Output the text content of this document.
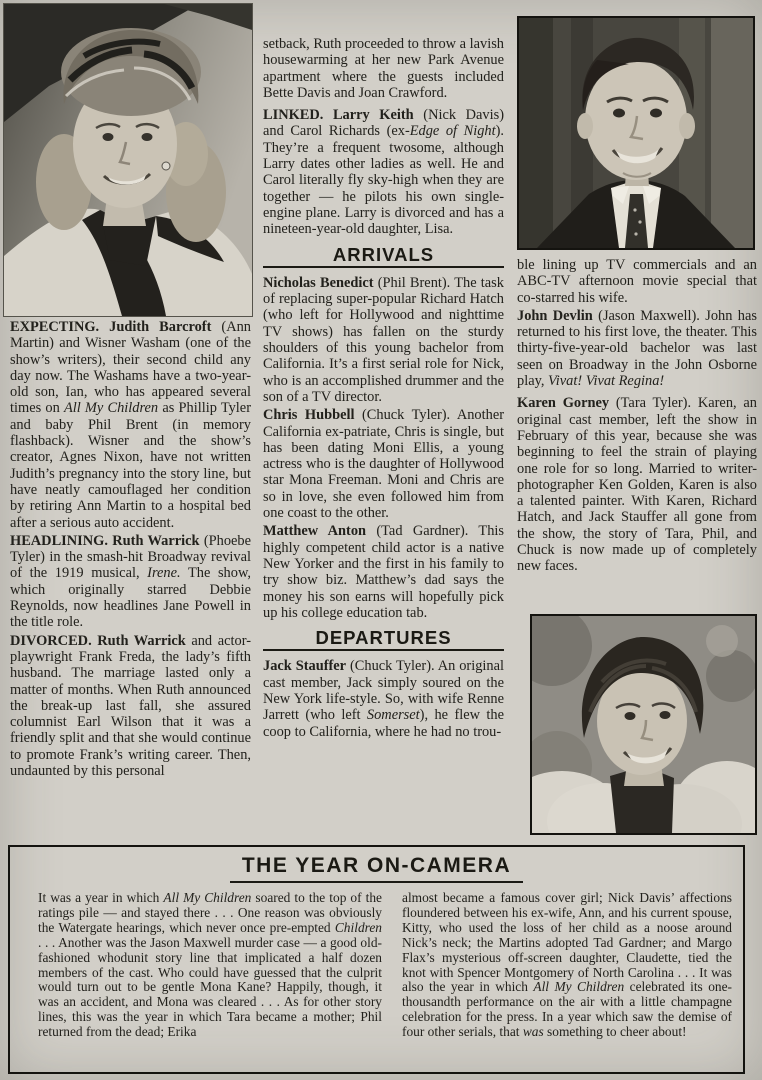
EXPECTING. Judith Barcroft (Ann Martin) and Wisner Washam (one of the show’s writers), their second child any day now. The Washams have a two-year-old son, Ian, who has appeared several times on All My Children as Phillip Tyler and baby Phil Brent (in memory flashback). Wisner and the show’s creator, Agnes Nixon, have not written Judith’s pregnancy into the story line, but have neatly camouflaged her condition by retiring Ann Martin to a hospital bed after a serious auto accident.

HEADLINING. Ruth Warrick (Phoebe Tyler) in the smash-hit Broadway revival of the 1919 musical, Irene. The show, which originally starred Debbie Reynolds, now headlines Jane Powell in the title role.

DIVORCED. Ruth Warrick and actor-playwright Frank Freda, the lady’s fifth husband. The marriage lasted only a matter of months. When Ruth announced the break-up last fall, she assured columnist Earl Wilson that it was a friendly split and that she would continue to promote Frank’s writing career. Then, undaunted by this personal

setback, Ruth proceeded to throw a lavish housewarming at her new Park Avenue apartment where the guests included Bette Davis and Joan Crawford.

LINKED. Larry Keith (Nick Davis) and Carol Richards (ex-Edge of Night). They’re a frequent twosome, although Larry dates other ladies as well. He and Carol literally fly sky-high when they are together — he pilots his own single-engine plane. Larry is divorced and has a nineteen-year-old daughter, Lisa.

ARRIVALS

Nicholas Benedict (Phil Brent). The task of replacing super-popular Richard Hatch (who left for Hollywood and nighttime TV shows) has fallen on the sturdy shoulders of this young bachelor from California. It’s a first serial role for Nick, who is an accomplished drummer and the son of a TV director.

Chris Hubbell (Chuck Tyler). Another California ex-patriate, Chris is single, but has been dating Moni Ellis, a young actress who is the daughter of Hollywood star Mona Freeman. Moni and Chris are so in love, she even followed him from one coast to the other.

Matthew Anton (Tad Gardner). This highly competent child actor is a native New Yorker and the first in his family to try show biz. Matthew’s dad says the money his son earns will hopefully pick up his college education tab.

DEPARTURES

Jack Stauffer (Chuck Tyler). An original cast member, Jack simply soured on the New York life-style. So, with wife Renne Jarrett (who left Somerset), he flew the coop to California, where he had no trou-

ble lining up TV commercials and an ABC-TV afternoon movie special that co-starred his wife.

John Devlin (Jason Maxwell). John has returned to his first love, the theater. This thirty-five-year-old bachelor was last seen on Broadway in the John Osborne play, Vivat! Vivat Regina!

Karen Gorney (Tara Tyler). Karen, an original cast member, left the show in February of this year, because she was beginning to feel the strain of playing one role for so long. Married to writer-photographer Ken Golden, Karen is also a talented painter. With Karen, Richard Hatch, and Jack Stauffer all gone from the show, the story of Tara, Phil, and Chuck is now made up of completely new faces.

THE YEAR ON-CAMERA
It was a year in which All My Children soared to the top of the ratings pile — and stayed there . . . One reason was obviously the Watergate hearings, which never once pre-empted Children . . . Another was the Jason Maxwell murder case — a good old-fashioned whodunit story line that implicated a half dozen members of the cast. Who could have guessed that the culprit would turn out to be gentle Mona Kane? Happily, though, it was an accident, and Mona was cleared . . . As for other story lines, this was the year in which Tara became a mother; Phil returned from the dead; Erika
almost became a famous cover girl; Nick Davis’ affections floundered between his ex-wife, Ann, and his current spouse, Kitty, who used the loss of her child as a noose around Nick’s neck; the Martins adopted Tad Gardner; and Margo Flax’s mysterious off-screen daughter, Claudette, tied the knot with Spencer Montgomery of North Carolina . . . It was also the year in which All My Children celebrated its one-thousandth performance on the air with a little champagne celebration for the press. In a year which saw the demise of four other serials, that was something to cheer about!
